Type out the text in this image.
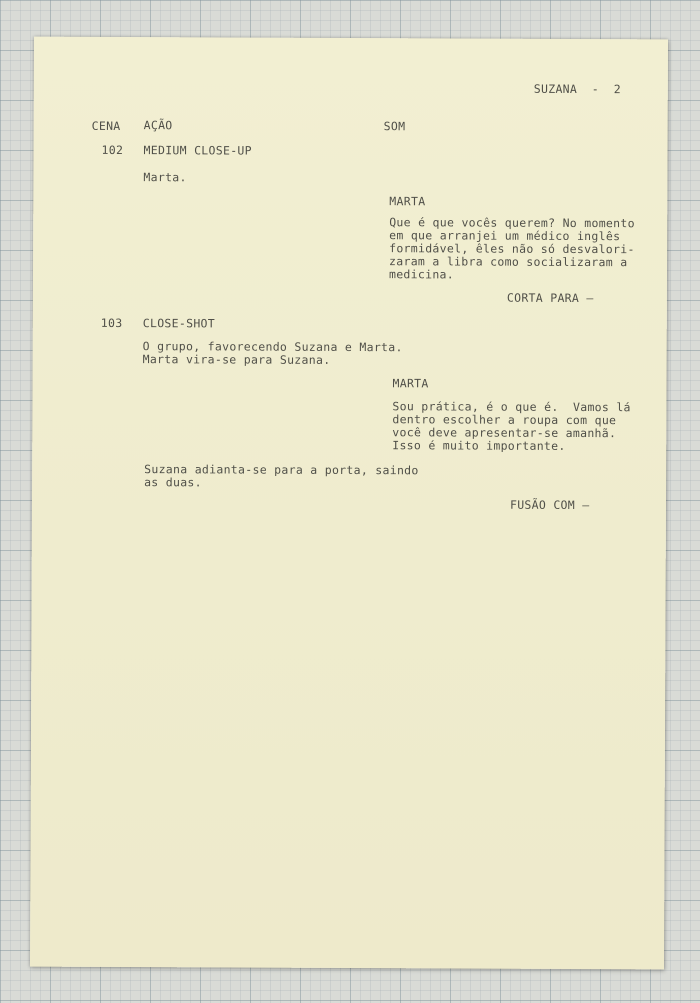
SUZANA - 2
CENA AÇÃO	SOM
102 MEDIUM CLOSE-UP
Marta.
MARTA
Que é que vocês querem? No momento
em que arranjei um médico inglês
formidável, êles não só desvalori-
zaram a libra como socializaram a
medicina.
CORTA PARA —
103 CLOSE-SHOT
O grupo, favorecendo Suzana e Marta.
Marta vira-se para Suzana.
MARTA
Sou prática, é o que é.  Vamos lá
dentro escolher a roupa com que
você deve apresentar-se amanhã.
Isso é muito importante.
Suzana adianta-se para a porta, saindo
as duas.
FUSÃO COM —
